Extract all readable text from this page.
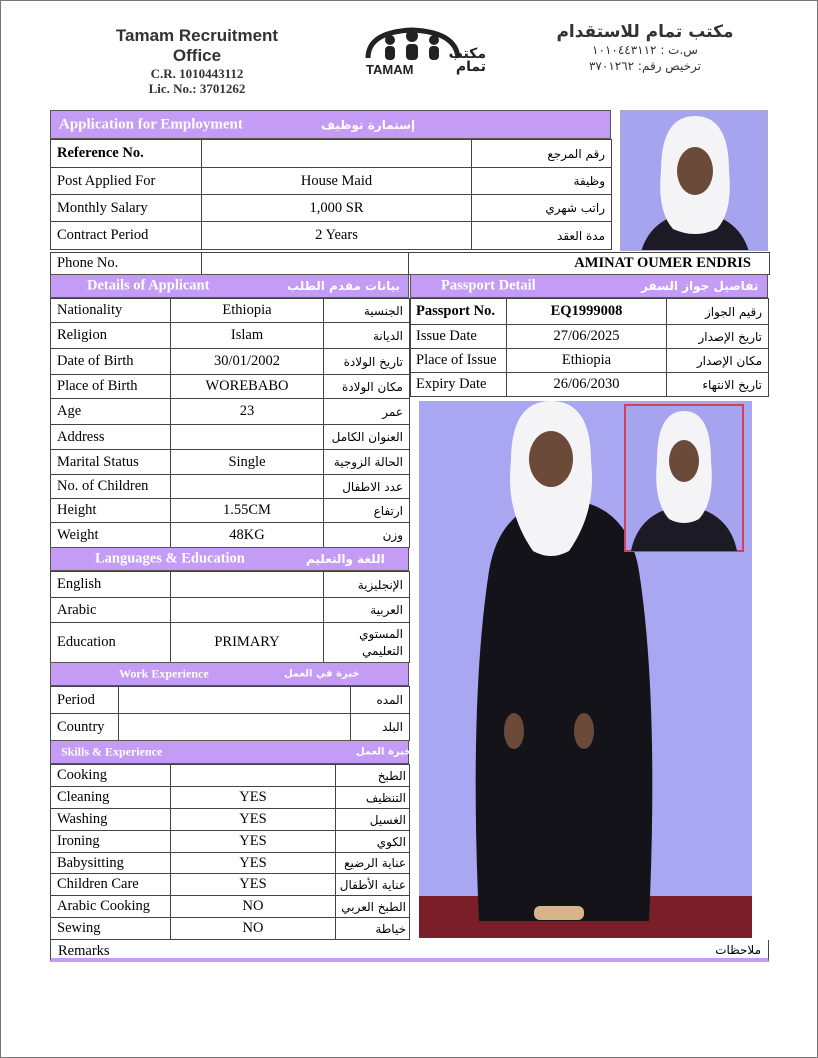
Tamam Recruitment Office
C.R. 1010443112
Lic. No.: 3701262
TAMAM
مكتب تمام
مكتب تمام للاستقدام
س.ت : ١٠١٠٤٤٣١١٢
ترخيص رقم: ٣٧٠١٢٦٢
Application for Employment	إستمارة توظيف
Reference No.		رقم المرجع
Post Applied For	House Maid	وظيفة
Monthly Salary	1,000 SR	راتب شهري
Contract Period	2 Years	مدة العقد
Phone No.		AMINAT OUMER ENDRIS
Details of Applicant	بيانات مقدم الطلب	Passport Detail	تفاصيل جواز السفر
Nationality	Ethiopia	الجنسية
Religion	Islam	الديانة
Date of Birth	30/01/2002	تاريخ الولادة
Place of Birth	WOREBABO	مكان الولادة
Age	23	عمر
Address		العنوان الكامل
Marital Status	Single	الحالة الزوجية
No. of Children		عدد الاطفال
Height	1.55CM	ارتفاع
Weight	48KG	وزن
Passport No.	EQ1999008	رقيم الجواز
Issue Date	27/06/2025	تاريخ الإصدار
Place of Issue	Ethiopia	مكان الإصدار
Expiry Date	26/06/2030	تاريخ الانتهاء
Languages & Education	اللغة والتعليم
English		الإنجليزية
Arabic		العربية
Education	PRIMARY	المستوي التعليمي
Work Experience	خبرة في العمل
Period		المده
Country		البلد
Skills & Experience	خبرة العمل
Cooking		الطبخ
Cleaning	YES	التنظيف
Washing	YES	الغسيل
Ironing	YES	الكوي
Babysitting	YES	عناية الرضيع
Children Care	YES	عناية الأطفال
Arabic Cooking	NO	الطبخ العربي
Sewing	NO	خياطة
Remarks	ملاحظات
